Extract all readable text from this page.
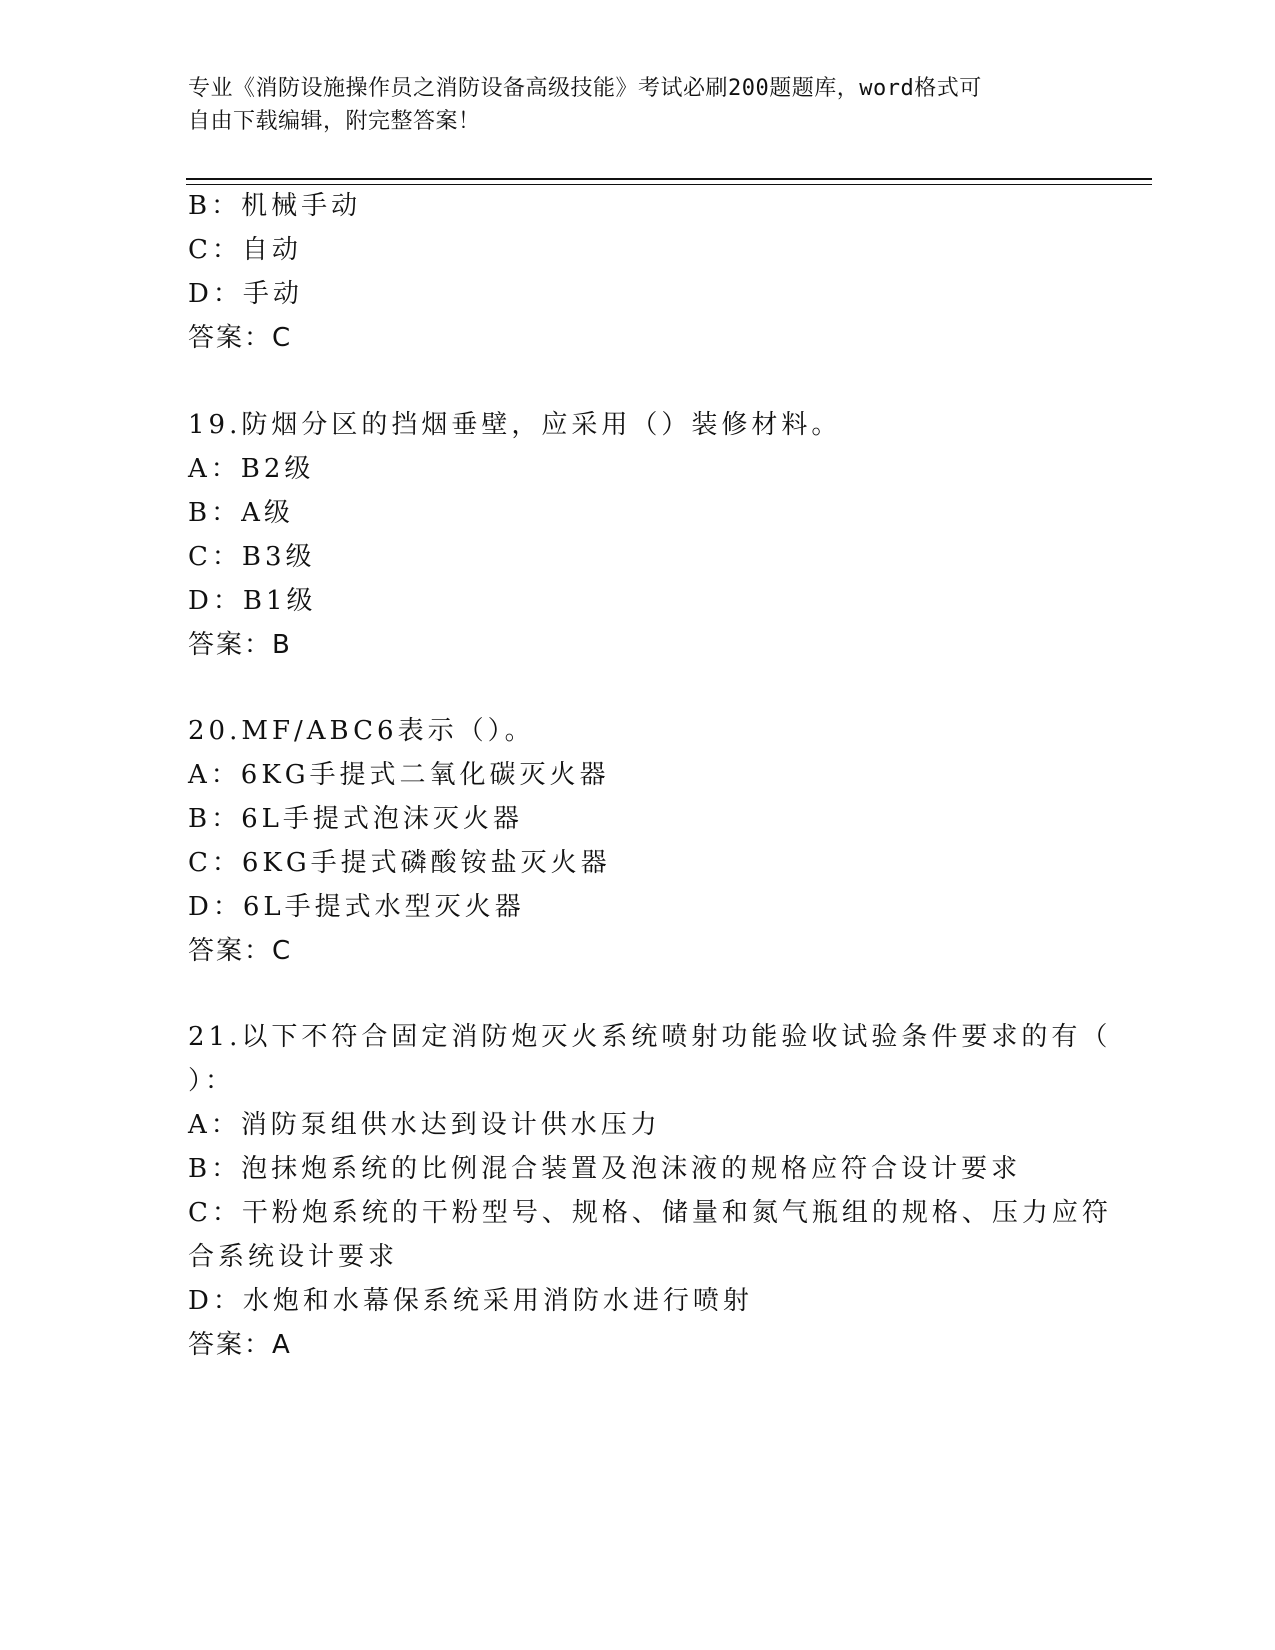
专业《消防设施操作员之消防设备高级技能》考试必刷200题题库，word格式可
自由下载编辑，附完整答案！
B：机械手动
C：自动
D：手动
答案：C
19.防烟分区的挡烟垂壁，应采用（）装修材料。
A：B2级
B：A级
C：B3级
D：B1级
答案：B
20.MF/ABC6表示（）。
A：6KG手提式二氧化碳灭火器
B：6L手提式泡沫灭火器
C：6KG手提式磷酸铵盐灭火器
D：6L手提式水型灭火器
答案：C
21.以下不符合固定消防炮灭火系统喷射功能验收试验条件要求的有（
）：
A：消防泵组供水达到设计供水压力
B：泡抹炮系统的比例混合装置及泡沫液的规格应符合设计要求
C：干粉炮系统的干粉型号、规格、储量和氮气瓶组的规格、压力应符
合系统设计要求
D：水炮和水幕保系统采用消防水进行喷射
答案：A
